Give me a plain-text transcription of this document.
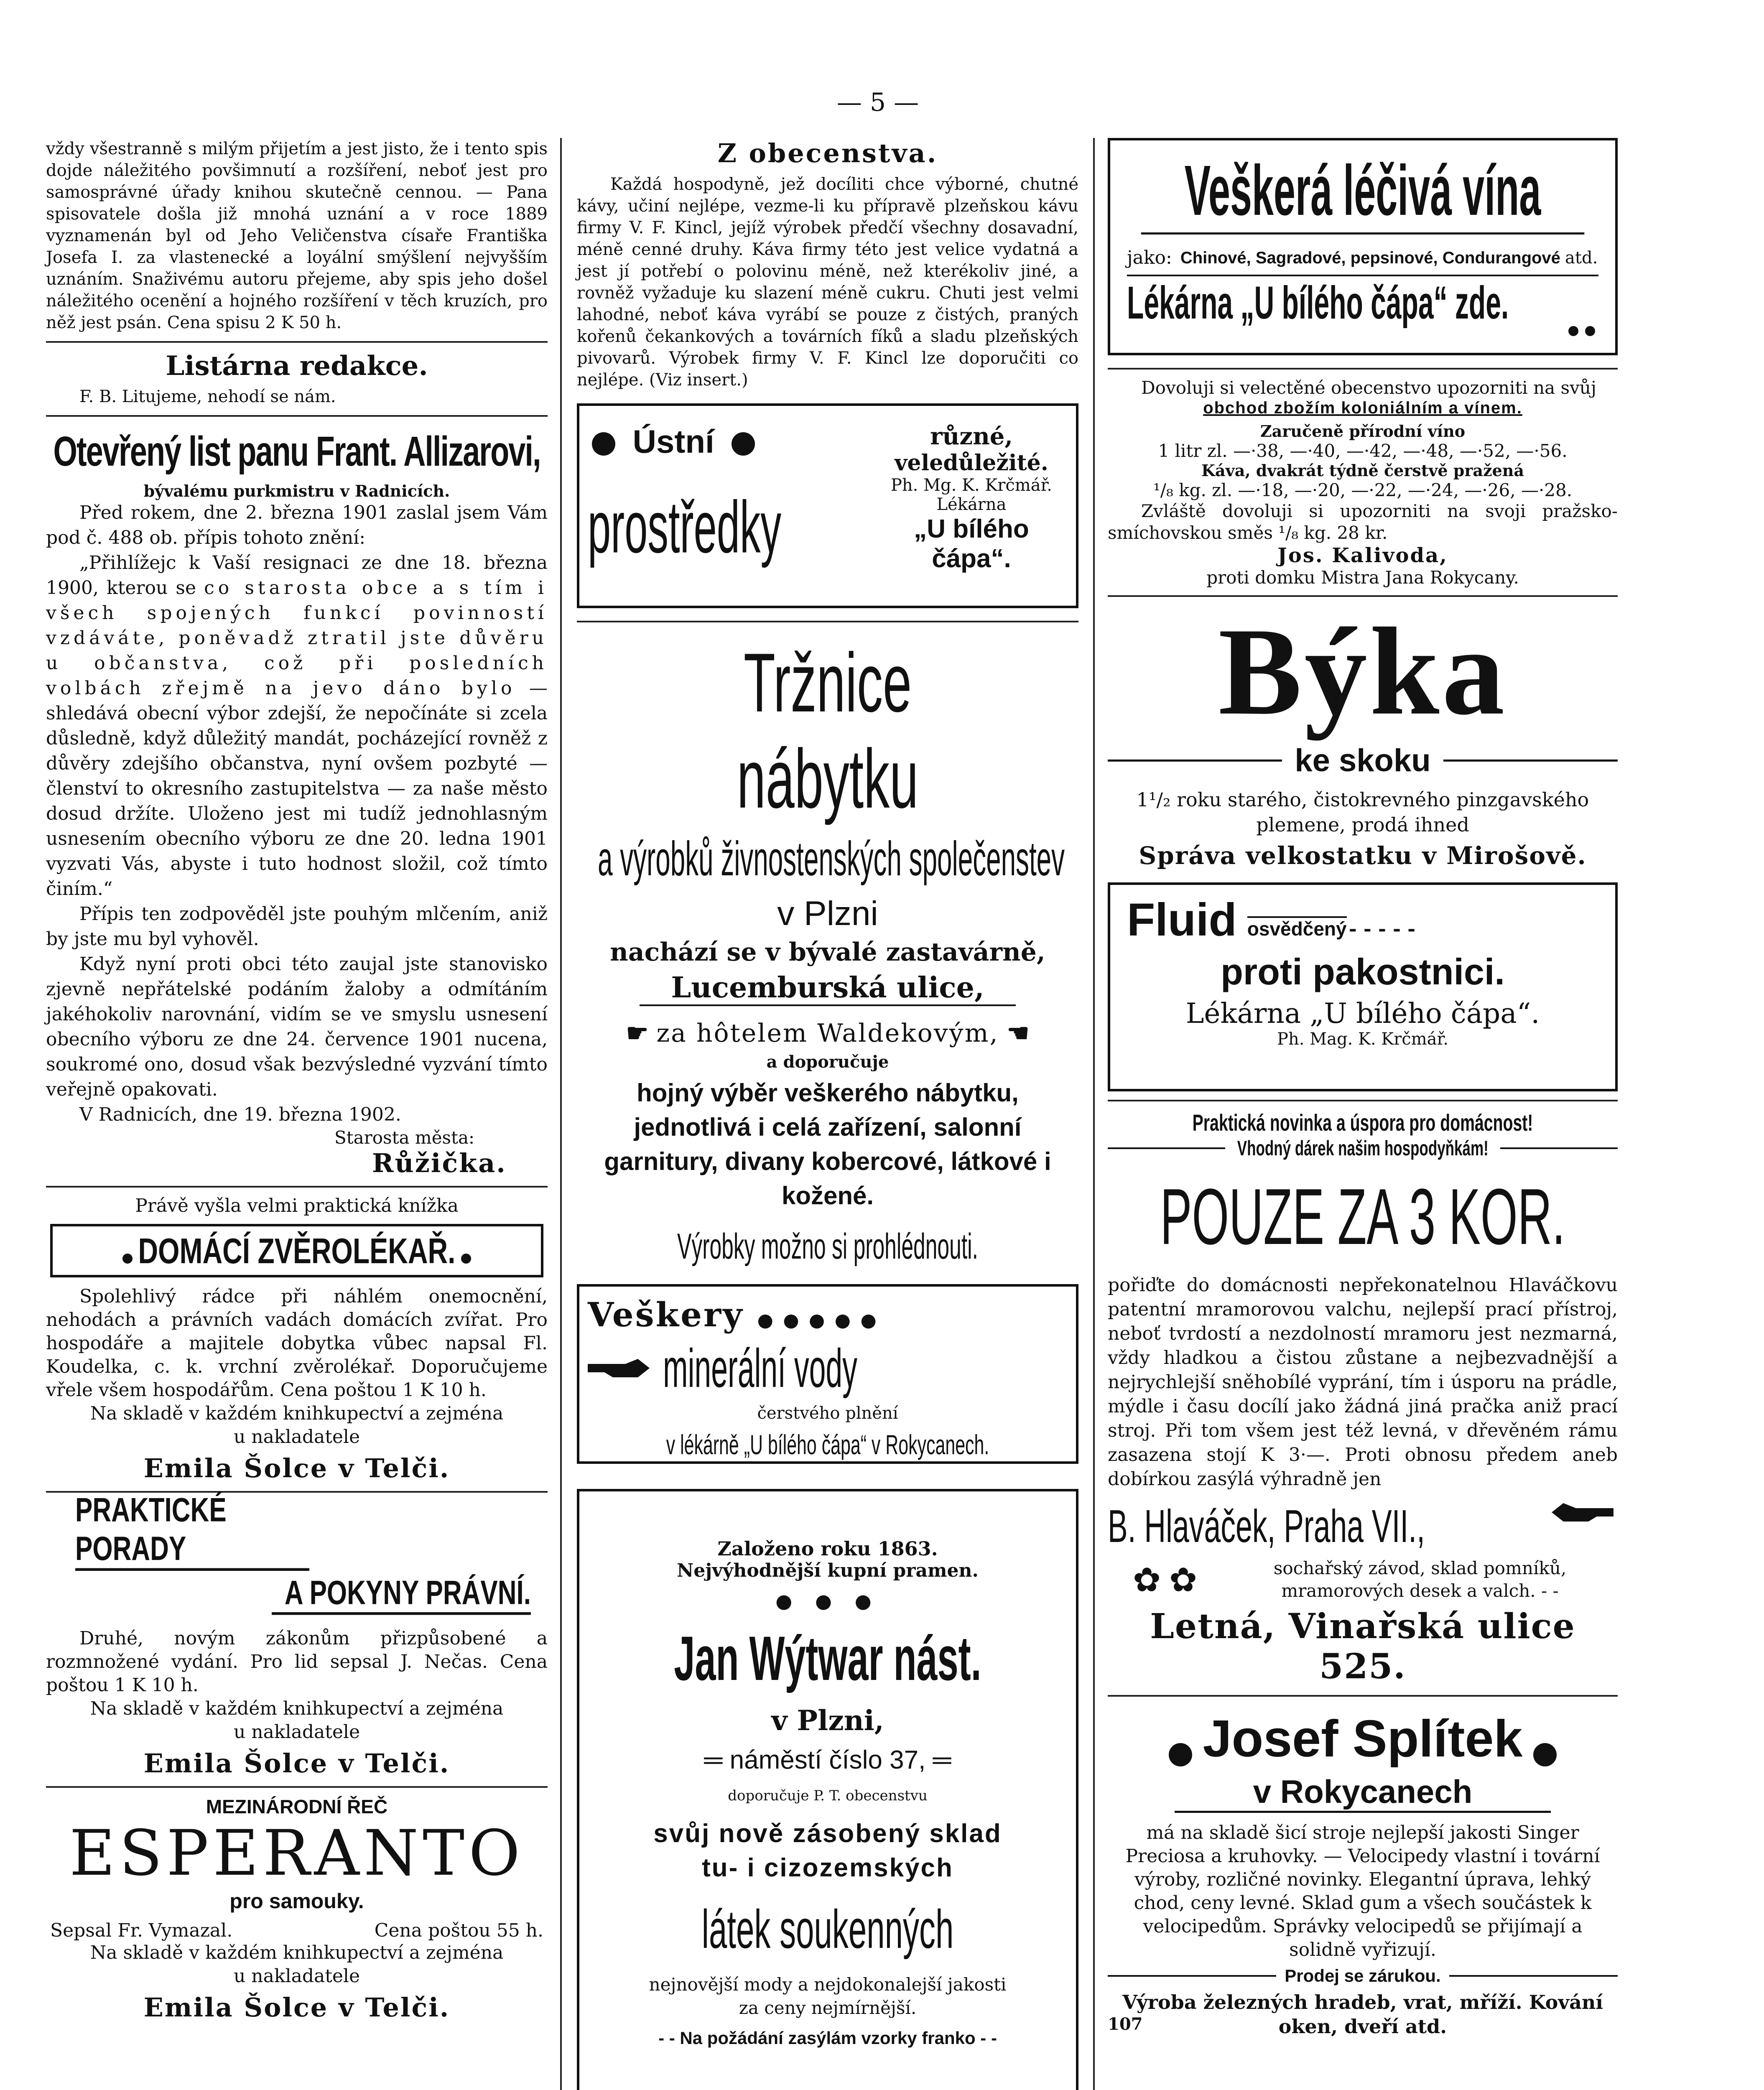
— 5 —

vždy všestranně s milým přijetím a jest jisto, že i tento spis dojde náležitého povšimnutí a rozšíření, neboť jest pro samosprávné úřady knihou skutečně cennou. — Pana spisovatele došla již mnohá uznání a v roce 1889 vyznamenán byl od Jeho Veličenstva císaře Františka Josefa I. za vlastenecké a loyální smýšlení nejvyšším uznáním. Snaživému autoru přejeme, aby spis jeho došel náležitého ocenění a hojného rozšíření v těch kruzích, pro něž jest psán. Cena spisu 2 K 50 h.

Listárna redakce.

F. B. Litujeme, nehodí se nám.

Otevřený list panu Frant. Allizarovi,
bývalému purkmistru v Radnicích.

Před rokem, dne 2. března 1901 zaslal jsem Vám pod č. 488 ob. přípis tohoto znění:

„Přihlížejc k Vaší resignaci ze dne 18. března 1900, kterou se co starosta obce a s tím i všech spojených funkcí povinností vzdáváte, poněvadž ztratil jste důvěru u občanstva, což při posledních volbách zřejmě na jevo dáno bylo — shledává obecní výbor zdejší, že nepočínáte si zcela důsledně, když důležitý mandát, pocházející rovněž z důvěry zdejšího občanstva, nyní ovšem pozbyté — členství to okresního zastupitelstva — za naše město dosud držíte. Uloženo jest mi tudíž jednohlasným usnesením obecního výboru ze dne 20. ledna 1901 vyzvati Vás, abyste i tuto hodnost složil, což tímto činím.“

Přípis ten zodpověděl jste pouhým mlčením, aniž by jste mu byl vyhověl.

Když nyní proti obci této zaujal jste stanovisko zjevně nepřátelské podáním žaloby a odmítáním jakéhokoliv narovnání, vidím se ve smyslu usnesení obecního výboru ze dne 24. července 1901 nucena, soukromé ono, dosud však bezvýsledné vyzvání tímto veřejně opakovati.

V Radnicích, dne 19. března 1902.

Starosta města:
Růžička.
Právě vyšla velmi praktická knížka
DOMÁCÍ ZVĚROLÉKAŘ.

Spolehlivý rádce při náhlém onemocnění, nehodách a právních vadách domácích zvířat. Pro hospodáře a majitele dobytka vůbec napsal Fl. Koudelka, c. k. vrchní zvěrolékař. Doporučujeme vřele všem hospodářům. Cena poštou 1 K 10 h.

Na skladě v každém knihkupectví a zejména u nakladatele

Emila Šolce v Telči.
PRAKTICKÉ PORADY
A POKYNY PRÁVNÍ.

Druhé, novým zákonům přizpůsobené a rozmnožené vydání. Pro lid sepsal J. Nečas. Cena poštou 1 K 10 h.

Na skladě v každém knihkupectví a zejména u nakladatele

Emila Šolce v Telči.
MEZINÁRODNÍ ŘEČ
ESPERANTO
pro samouky.
Sepsal Fr. Vymazal.	Cena poštou 55 h.

Na skladě v každém knihkupectví a zejména u nakladatele

Emila Šolce v Telči.
Z obecenstva.

Každá hospodyně, jež docíliti chce výborné, chutné kávy, učiní nejlépe, vezme-li ku přípravě plzeňskou kávu firmy V. F. Kincl, jejíž výrobek předčí všechny dosavadní, méně cenné druhy. Káva firmy této jest velice vydatná a jest jí potřebí o polovinu méně, než kterékoliv jiné, a rovněž vyžaduje ku slazení méně cukru. Chuti jest velmi lahodné, neboť káva vyrábí se pouze z čistých, praných kořenů čekankových a továrních fíků a sladu plzeňských pivovarů. Výrobek firmy V. F. Kincl lze doporučiti co nejlépe. (Viz insert.)

Ústní
prostředky
různé,
veledůležité.
Ph. Mg. K. Krčmář.
Lékárna
„U bílého čápa“.
Tržnice nábytku
a výrobků živnostenských společenstev
v Plzni
nachází se v bývalé zastavárně,
Lucemburská ulice,
☛ za hôtelem Waldekovým, ☚
a doporučuje
hojný výběr veškerého nábytku, jednotlivá i celá zařízení, salonní garnitury, divany kobercové, látkové i kožené.
Výrobky možno si prohlédnouti.
Veškery ● ● ● ● ●
minerální vody
čerstvého plnění
v lékárně „U bílého čápa“ v Rokycanech.
Založeno roku 1863.
Nejvýhodnější kupní pramen.
● ● ●
Jan Wýtwar nást.
v Plzni,
═ náměstí číslo 37, ═
doporučuje P. T. obecenstvu
svůj nově zásobený sklad tu- i cizozemských
látek soukenných
nejnovější mody a nejdokonalejší jakosti za ceny nejmírnější.
- - Na požádání zasýlám vzorky franko - -
Veškerá léčivá vína
jako: Chinové, Sagradové, pepsinové, Condurangové atd.
Lékárna „U bílého čápa“ zde.

Dovoluji si velectěné obecenstvo upozorniti na svůj

obchod zbožím koloniálním a vínem.
Zaručeně přírodní víno
1 litr zl. —·38, —·40, —·42, —·48, —·52, —·56.
Káva, dvakrát týdně čerstvě pražená
¹/₈ kg. zl. —·18, —·20, —·22, —·24, —·26, —·28.

Zvláště dovoluji si upozorniti na svoji pražsko-smíchovskou směs ¹/₈ kg. 28 kr.

Jos. Kalivoda,
proti domku Mistra Jana Rokycany.
Býka
ke skoku

1¹/₂ roku starého, čistokrevného pinzgavského plemene, prodá ihned

Správa velkostatku v Mirošově.
Fluid osvědčený - - - - -
proti pakostnici.
Lékárna „U bílého čápa“.
Ph. Mag. K. Krčmář.
Praktická novinka a úspora pro domácnost!
Vhodný dárek našim hospodyňkám!
POUZE ZA 3 KOR.

pořiďte do domácnosti nepřekonatelnou Hlaváčkovu patentní mramorovou valchu, nejlepší prací přístroj, neboť tvrdostí a nezdolností mramoru jest nezmarná, vždy hladkou a čistou zůstane a nejbezvadnější a nejrychlejší sněhobílé vyprání, tím i úsporu na prádle, mýdle i času docílí jako žádná jiná pračka aniž prací stroj. Při tom všem jest též levná, v dřevěném rámu zasazena stojí K 3·—. Proti obnosu předem aneb dobírkou zasýlá výhradně jen

B. Hlaváček, Praha VII.,
✿ ✿	sochařský závod, sklad pomníků, mramorových desek a valch. - -
Letná, Vinařská ulice 525.
Josef Splítek
v Rokycanech

má na skladě šicí stroje nejlepší jakosti Singer Preciosa a kruhovky. — Velocipedy vlastní i tovární výroby, rozličné novinky. Elegantní úprava, lehký chod, ceny levné. Sklad gum a všech součástek k velocipedům. Správky velocipedů se přijímají a solidně vyřizují.

Prodej se zárukou.

Výroba železných hradeb, vrat, mříží. Kování oken, dveří atd.

107
